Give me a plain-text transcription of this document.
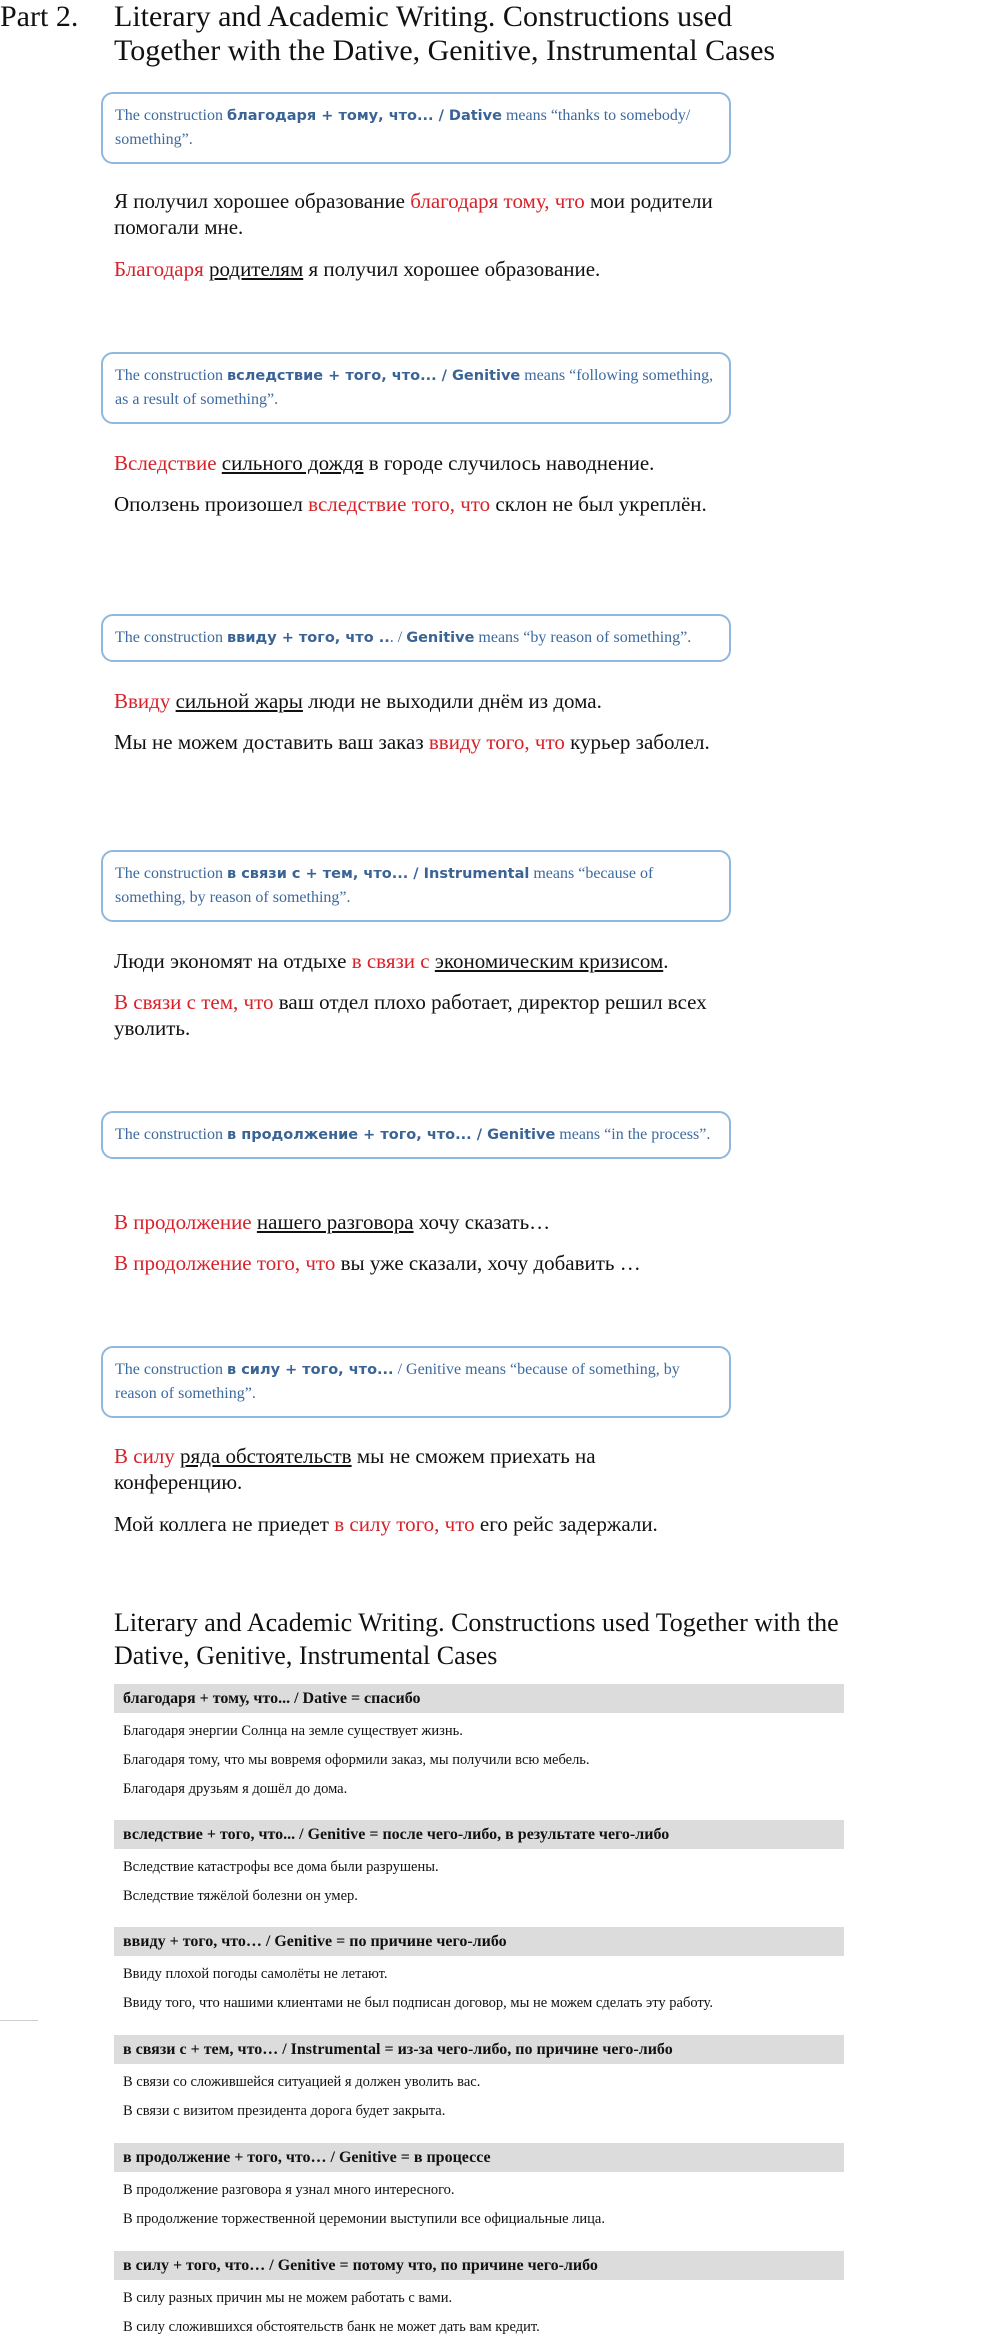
Part 2. Literary and Academic Writing. Constructions used Together with the Dative, Genitive, Instrumental Cases
The construction благодаря + тому, что... / Dative means “thanks to somebody/ something”.
Я получил хорошее образование благодаря тому, что мои родители помогали мне.
Благодаря родителям я получил хорошее образование.
The construction вследствие + того, что... / Genitive means “following something, as a result of something”.
Вследствие сильного дождя в городе случилось наводнение.
Оползень произошел вследствие того, что склон не был укреплён.
The construction ввиду + того, что ... / Genitive means “by reason of something”.
Ввиду сильной жары люди не выходили днём из дома.
Мы не можем доставить ваш заказ ввиду того, что курьер заболел.
The construction в связи с + тем, что... / Instrumental means “because of something, by reason of something”.
Люди экономят на отдыхе в связи с экономическим кризисом.
В связи с тем, что ваш отдел плохо работает, директор решил всех уволить.
The construction в продолжение + того, что... / Genitive means “in the process”.
В продолжение нашего разговора хочу сказать…
В продолжение того, что вы уже сказали, хочу добавить …
The construction в силу + того, что... / Genitive means “because of something, by reason of something”.
В силу ряда обстоятельств мы не сможем приехать на конференцию.
Мой коллега не приедет в силу того, что его рейс задержали.
Literary and Academic Writing. Constructions used Together with the Dative, Genitive, Instrumental Cases
благодаря + тому, что... / Dative = спасибо
Благодаря энергии Солнца на земле существует жизнь.
Благодаря тому, что мы вовремя оформили заказ, мы получили всю мебель.
Благодаря друзьям я дошёл до дома.
вследствие + того, что... / Genitive = после чего-либо, в результате чего-либо
Вследствие катастрофы все дома были разрушены.
Вследствие тяжёлой болезни он умер.
ввиду + того, что… / Genitive = по причине чего-либо
Ввиду плохой погоды самолёты не летают.
Ввиду того, что нашими клиентами не был подписан договор, мы не можем сделать эту работу.
в связи с + тем, что… / Instrumental = из-за чего-либо, по причине чего-либо
В связи со сложившейся ситуацией я должен уволить вас.
В связи с визитом президента дорога будет закрыта.
в продолжение + того, что… / Genitive = в процессе
В продолжение разговора я узнал много интересного.
В продолжение торжественной церемонии выступили все официальные лица.
в силу + того, что… / Genitive = потому что, по причине чего-либо
В силу разных причин мы не можем работать с вами.
В силу сложившихся обстоятельств банк не может дать вам кредит.
